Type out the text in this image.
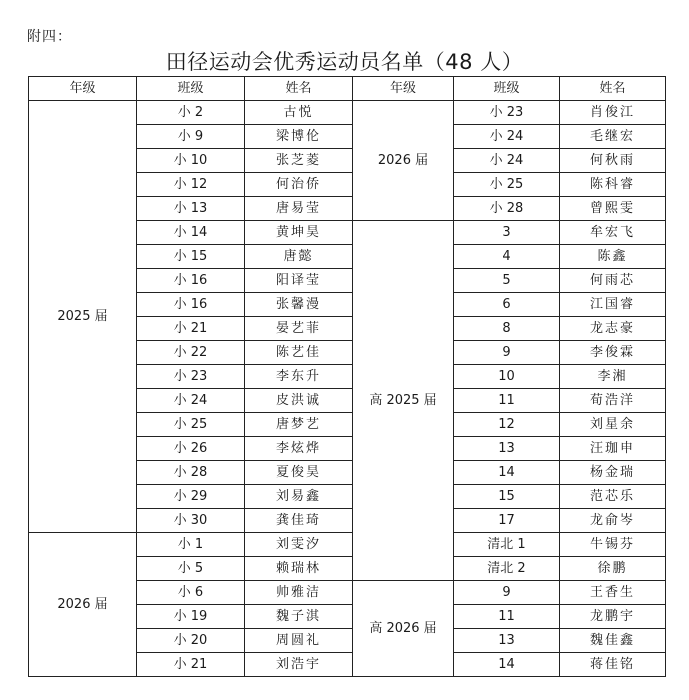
附四：
田径运动会优秀运动员名单（48 人）
年级	班级	姓名	年级	班级	姓名
2025 届	小 2	古悦	2026 届	小 23	肖俊江
	小 9	梁博伦		小 24	毛继宏
	小 10	张芝菱		小 24	何秋雨
	小 12	何治侨		小 25	陈科睿
	小 13	唐易莹		小 28	曾熙雯
	小 14	黄坤昊	高 2025 届	3	牟宏飞
	小 15	唐懿		4	陈鑫
	小 16	阳译莹		5	何雨芯
	小 16	张馨漫		6	江国睿
	小 21	晏艺菲		8	龙志豪
	小 22	陈艺佳		9	李俊霖
	小 23	李东升		10	李湘
	小 24	皮洪诚		11	荀浩洋
	小 25	唐梦艺		12	刘星余
	小 26	李炫烨		13	汪珈申
	小 28	夏俊昊		14	杨金瑞
	小 29	刘易鑫		15	范芯乐
	小 30	龚佳琦		17	龙俞岑
2026 届	小 1	刘雯汐		清北 1	牛锡芬
	小 5	赖瑞林		清北 2	徐鹏
	小 6	帅雅洁	高 2026 届	9	王香生
	小 19	魏子淇		11	龙鹏宇
	小 20	周圆礼		13	魏佳鑫
	小 21	刘浩宇		14	蒋佳铭
